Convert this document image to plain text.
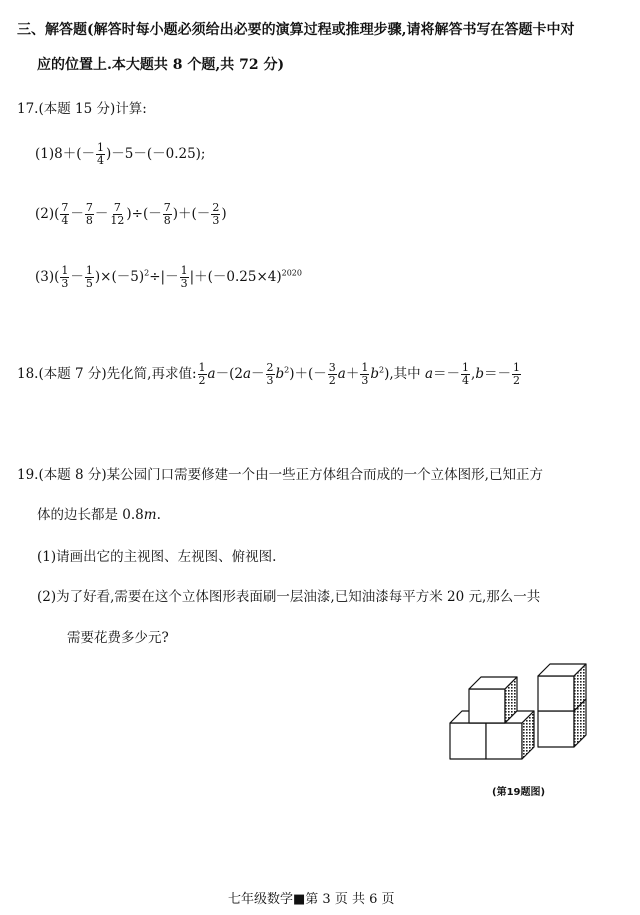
三、解答题(解答时每小题必须给出必要的演算过程或推理步骤,请将解答书写在答题卡中对
应的位置上.本大题共 8 个题,共 72 分)
17.(本题 15 分)计算:
$(1)8+(- \frac{1}{4} )-5-(-0.25)$;
$(2)( \frac{7}{4} - \frac{7}{8} - \frac{7}{12}$ )÷(－ $\frac{7}{8}$ )＋(－ $\frac{2}{3}$ )
$(3)( \frac{1}{3} - \frac{1}{5} )\times(-5)^2\div|- \frac{1}{3} |+(-0.25\times 4)^{2020}$
18.(本题 7 分)先化简,再求值: $\frac{1}{2} a-(2a- \frac{2}{3} b^2)+(- \frac{3}{2} a+ \frac{1}{3} b^2)$,其中 $a=- \frac{1}{4} ,b=- \frac{1}{2}$
19.(本题 8 分)某公园门口需要修建一个由一些正方体组合而成的一个立体图形,已知正方
体的边长都是 0.8m.
(1)请画出它的主视图、左视图、俯视图.
(2)为了好看,需要在这个立体图形表面刷一层油漆,已知油漆每平方米 20 元,那么一共
需要花费多少元?
(第19题图)
七年级数学■第 3 页 共 6 页
